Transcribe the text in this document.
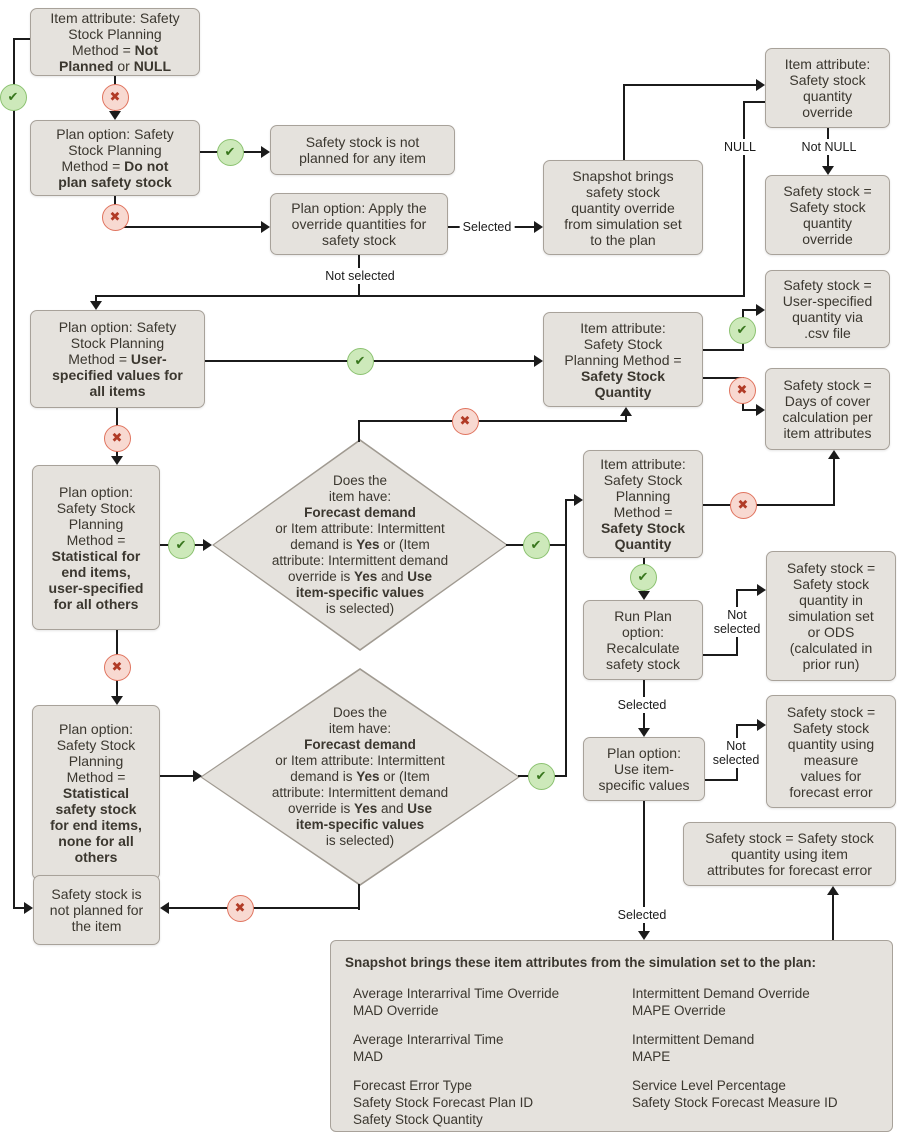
Item attribute: Safety
Stock Planning
Method = Not
Planned or NULL
Plan option: Safety
Stock Planning
Method = Do not
plan safety stock
Safety stock is not
planned for any item
Plan option: Apply the
override quantities for
safety stock
Snapshot brings
safety stock
quantity override
from simulation set
to the plan
Item attribute:
Safety stock
quantity
override
Safety stock =
Safety stock
quantity
override
Plan option: Safety
Stock Planning
Method = User-
specified values for
all items
Item attribute:
Safety Stock
Planning Method =
Safety Stock
Quantity
Safety stock =
User-specified
quantity via
.csv file
Safety stock =
Days of cover
calculation per
item attributes
Plan option:
Safety Stock
Planning
Method =
Statistical for
end items,
user-specified
for all others
Item attribute:
Safety Stock
Planning
Method =
Safety Stock
Quantity
Safety stock =
Safety stock
quantity in
simulation set
or ODS
(calculated in
prior run)
Run Plan
option:
Recalculate
safety stock
Plan option:
Safety Stock
Planning
Method =
Statistical
safety stock
for end items,
none for all
others
Plan option:
Use item-
specific values
Safety stock =
Safety stock
quantity using
measure
values for
forecast error
Safety stock = Safety stock
quantity using item
attributes for forecast error
Safety stock is
not planned for
the item
Does the
item have:
Forecast demand
or Item attribute: Intermittent
demand is Yes or (Item
attribute: Intermittent demand
override is Yes and Use
item-specific values
is selected)
Does the
item have:
Forecast demand
or Item attribute: Intermittent
demand is Yes or (Item
attribute: Intermittent demand
override is Yes and Use
item-specific values
is selected)
✔	✖
✔
✖
✔
✖
✖
✔
✖
✔	✔
✖
✔
✖
✔
✖
Selected
Not selected
NULL	Not NULL
Not
selected
Selected
Not
selected
Selected
Snapshot brings these item attributes from the simulation set to the plan:
Average Interarrival Time Override
MAD Override
Average Interarrival Time
MAD
Forecast Error Type
Safety Stock Forecast Plan ID
Safety Stock Quantity
Intermittent Demand Override
MAPE Override
Intermittent Demand
MAPE
Service Level Percentage
Safety Stock Forecast Measure ID
